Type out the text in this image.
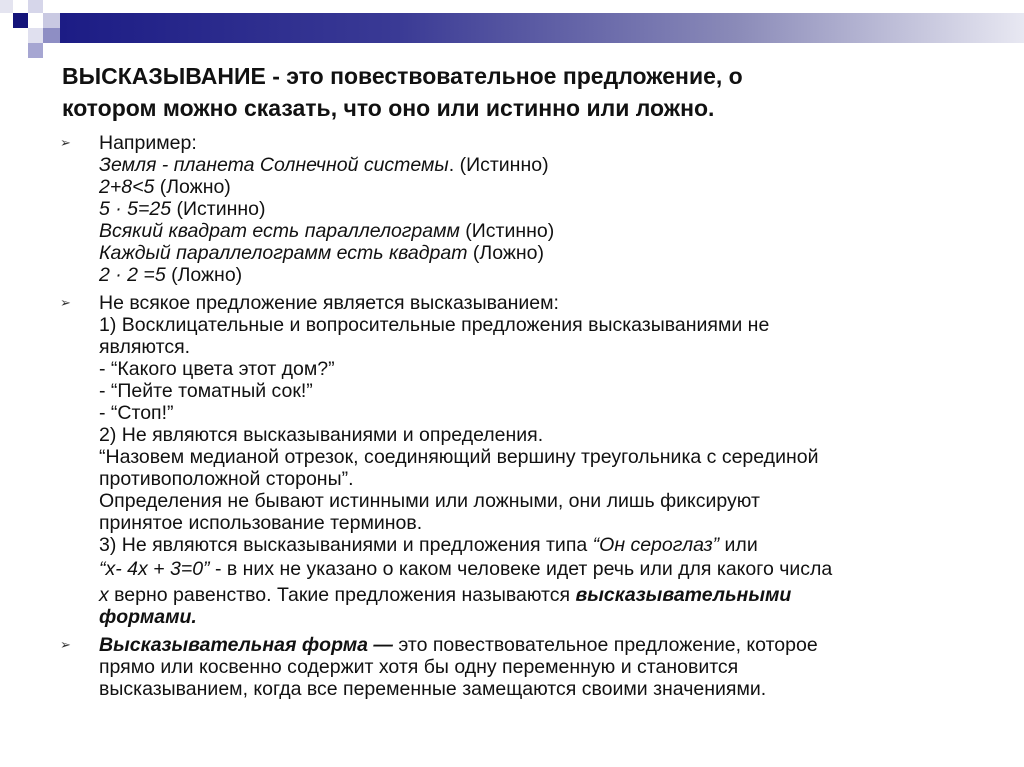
ВЫСКАЗЫВАНИЕ - это повествовательное предложение, о
котором можно сказать, что оно или истинно или ложно.
➢ Например:
Земля - планета Солнечной системы. (Истинно)
2+8<5 (Ложно)
5 · 5=25 (Истинно)
Всякий квадрат есть параллелограмм (Истинно)
Каждый параллелограмм есть квадрат (Ложно)
2 · 2 =5 (Ложно)
➢ Не всякое предложение является высказыванием:
1) Восклицательные и вопросительные предложения высказываниями не
являются.
- “Какого цвета этот дом?”
- “Пейте томатный сок!”
- “Стоп!”
2) Не являются высказываниями и определения.
“Назовем медианой отрезок, соединяющий вершину треугольника с серединой
противоположной стороны”.
Определения не бывают истинными или ложными, они лишь фиксируют
принятое использование терминов.
3) Не являются высказываниями и предложения типа “Он сероглаз” или
“x- 4x + 3=0” - в них не указано о каком человеке идет речь или для какого числа
x верно равенство. Такие предложения называются высказывательными
формами.
➢ Высказывательная форма — это повествовательное предложение, которое
прямо или косвенно содержит хотя бы одну переменную и становится
высказыванием, когда все переменные замещаются своими значениями.
